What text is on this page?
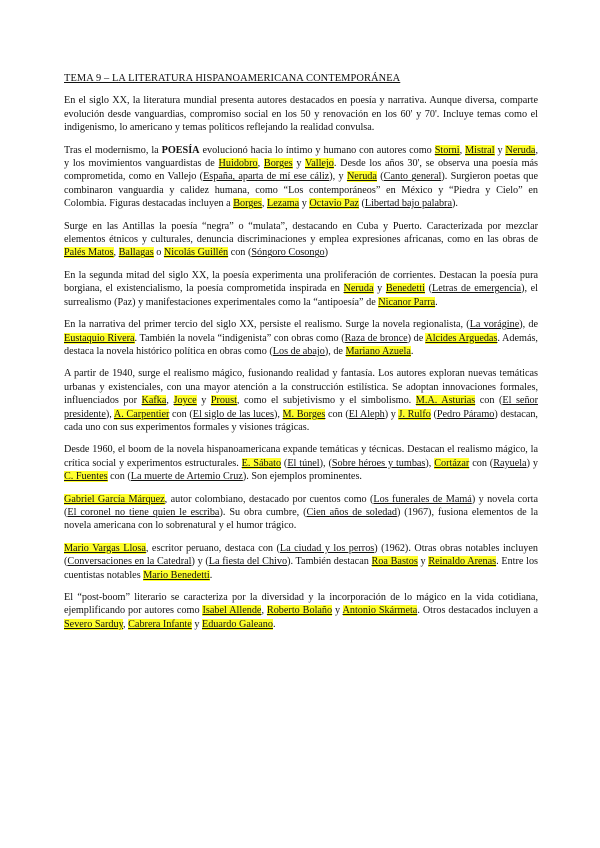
TEMA 9 – LA LITERATURA HISPANOAMERICANA CONTEMPORÁNEA

En el siglo XX, la literatura mundial presenta autores destacados en poesía y narrativa. Aunque diversa, comparte evolución desde vanguardias, compromiso social en los 50 y renovación en los 60' y 70'. Incluye temas como el indigenismo, lo americano y temas políticos reflejando la realidad convulsa.

Tras el modernismo, la POESÍA evolucionó hacia lo íntimo y humano con autores como Storni, Mistral y Neruda, y los movimientos vanguardistas de Huidobro, Borges y Vallejo. Desde los años 30', se observa una poesía más comprometida, como en Vallejo (España, aparta de mí ese cáliz), y Neruda (Canto general). Surgieron poetas que combinaron vanguardia y calidez humana, como “Los contemporáneos” en México y “Piedra y Cielo” en Colombia. Figuras destacadas incluyen a Borges, Lezama y Octavio Paz (Libertad bajo palabra).

Surge en las Antillas la poesía “negra” o “mulata”, destacando en Cuba y Puerto. Caracterizada por mezclar elementos étnicos y culturales, denuncia discriminaciones y emplea expresiones africanas, como en las obras de Palés Matos, Ballagas o Nicolás Guillén con (Sóngoro Cosongo)

En la segunda mitad del siglo XX, la poesía experimenta una proliferación de corrientes. Destacan la poesía pura borgiana, el existencialismo, la poesía comprometida inspirada en Neruda y Benedetti (Letras de emergencia), el surrealismo (Paz) y manifestaciones experimentales como la “antipoesía” de Nicanor Parra.

En la narrativa del primer tercio del siglo XX, persiste el realismo. Surge la novela regionalista, (La vorágine), de Eustaquio Rivera. También la novela “indigenista” con obras como (Raza de bronce) de Alcides Arguedas. Además, destaca la novela histórico política en obras como (Los de abajo), de Mariano Azuela.

A partir de 1940, surge el realismo mágico, fusionando realidad y fantasía. Los autores exploran nuevas temáticas urbanas y existenciales, con una mayor atención a la construcción estilística. Se adoptan innovaciones formales, influenciados por Kafka, Joyce y Proust, como el subjetivismo y el simbolismo. M.A. Asturias con (El señor presidente), A. Carpentier con (El siglo de las luces), M. Borges con (El Aleph) y J. Rulfo (Pedro Páramo) destacan, cada uno con sus experimentos formales y visiones trágicas.

Desde 1960, el boom de la novela hispanoamericana expande temáticas y técnicas. Destacan el realismo mágico, la crítica social y experimentos estructurales. E. Sábato (El túnel), (Sobre héroes y tumbas), Cortázar con (Rayuela) y C. Fuentes con (La muerte de Artemio Cruz). Son ejemplos prominentes.

Gabriel García Márquez, autor colombiano, destacado por cuentos como (Los funerales de Mamá) y novela corta (El coronel no tiene quien le escriba). Su obra cumbre, (Cien años de soledad) (1967), fusiona elementos de la novela americana con lo sobrenatural y el humor trágico.

Mario Vargas Llosa, escritor peruano, destaca con (La ciudad y los perros) (1962). Otras obras notables incluyen (Conversaciones en la Catedral) y (La fiesta del Chivo). También destacan Roa Bastos y Reinaldo Arenas. Entre los cuentistas notables Mario Benedetti.

El “post-boom” literario se caracteriza por la diversidad y la incorporación de lo mágico en la vida cotidiana, ejemplificando por autores como Isabel Allende, Roberto Bolaño y Antonio Skármeta. Otros destacados incluyen a Severo Sarduy, Cabrera Infante y Eduardo Galeano.
